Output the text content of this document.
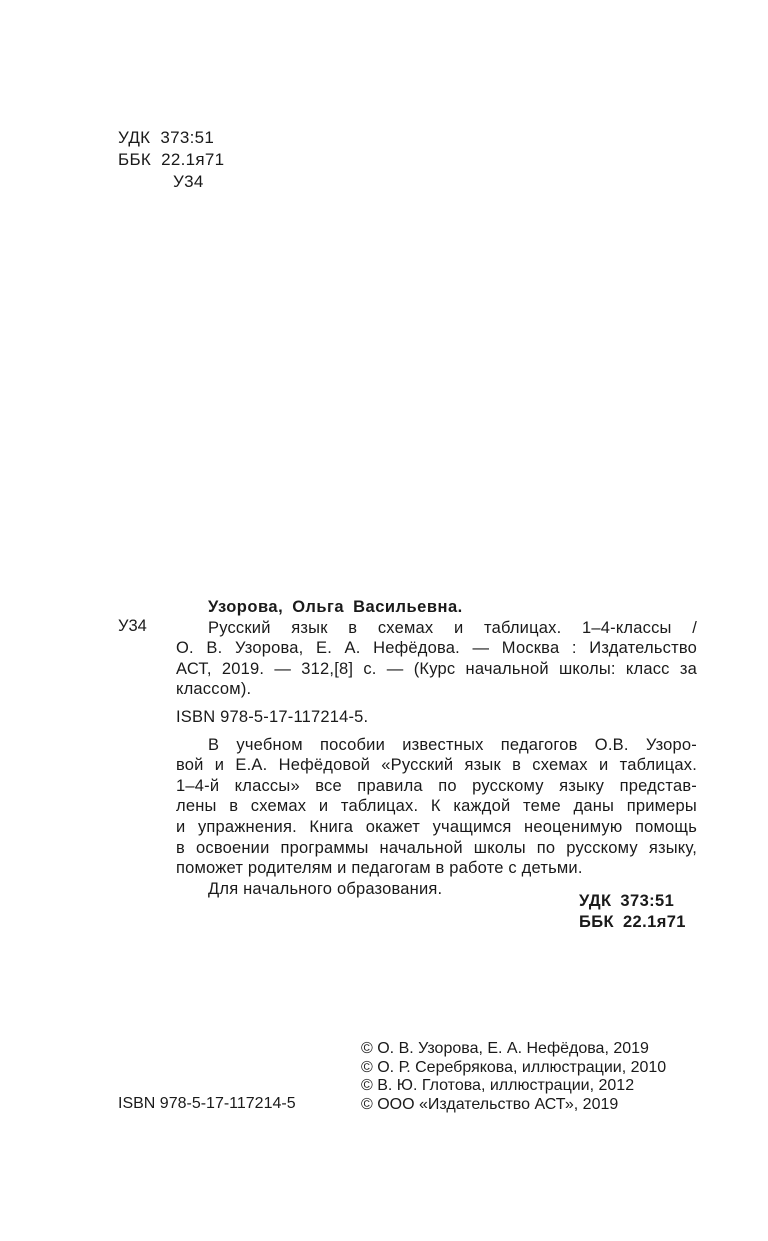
УДК 373:51
ББК 22.1я71
У34
У34

Узорова, Ольга Васильевна.

Русский язык в схемах и таблицах. 1–4-классы /
О. В. Узорова, Е. А. Нефёдова. — Москва : Издательство
АСТ, 2019. — 312,[8] с. — (Курс начальной школы: класс за
классом).

ISBN 978-5-17-117214-5.

В учебном пособии известных педагогов О.В. Узоро-
вой и Е.А. Нефёдовой «Русский язык в схемах и таблицах.
1–4-й классы» все правила по русскому языку представ-
лены в схемах и таблицах. К каждой теме даны примеры
и упражнения. Книга окажет учащимся неоценимую помощь
в освоении программы начальной школы по русскому языку,
поможет родителям и педагогам в работе с детьми.
Для начального образования.
УДК 373:51
ББК 22.1я71
ISBN 978-5-17-117214-5
© О. В. Узорова, Е. А. Нефёдова, 2019
© О. Р. Серебрякова, иллюстрации, 2010
© В. Ю. Глотова, иллюстрации, 2012
© ООО «Издательство АСТ», 2019
